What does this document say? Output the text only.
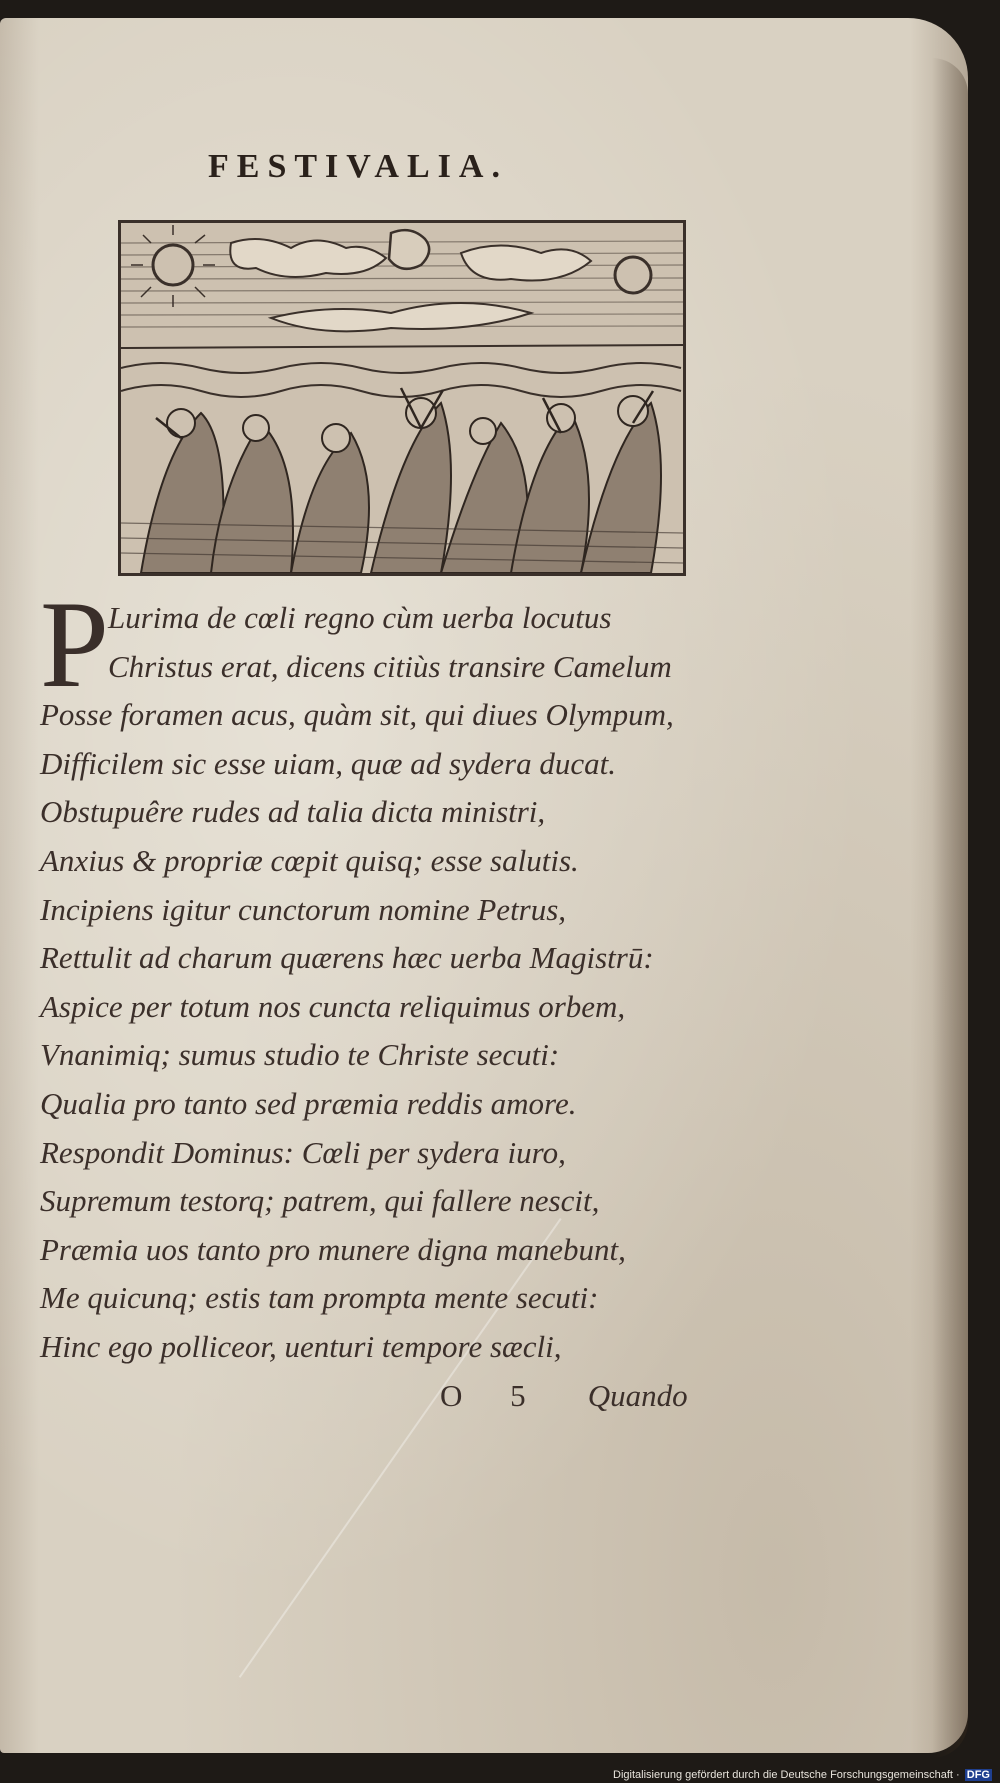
FESTIVALIA.
P Lurima de cœli regno cùm uerba locutus
Christus erat, dicens citiùs transire Camelum
Posse foramen acus, quàm sit, qui diues Olympum,
Difficilem sic esse uiam, quæ ad sydera ducat.
Obstupuêre rudes ad talia dicta ministri,
Anxius & propriæ cœpit quisq; esse salutis.
Incipiens igitur cunctorum nomine Petrus,
Rettulit ad charum quærens hæc uerba Magistrū:
Aspice per totum nos cuncta reliquimus orbem,
Vnanimiq; sumus studio te Christe secuti:
Qualia pro tanto sed præmia reddis amore.
Respondit Dominus: Cœli per sydera iuro,
Supremum testorq; patrem, qui fallere nescit,
Præmia uos tanto pro munere digna manebunt,
Me quicunq; estis tam prompta mente secuti:
Hinc ego polliceor, uenturi tempore sæcli,
O 5 Quando
Digitalisierung gefördert durch die Deutsche Forschungsgemeinschaft · DFG
